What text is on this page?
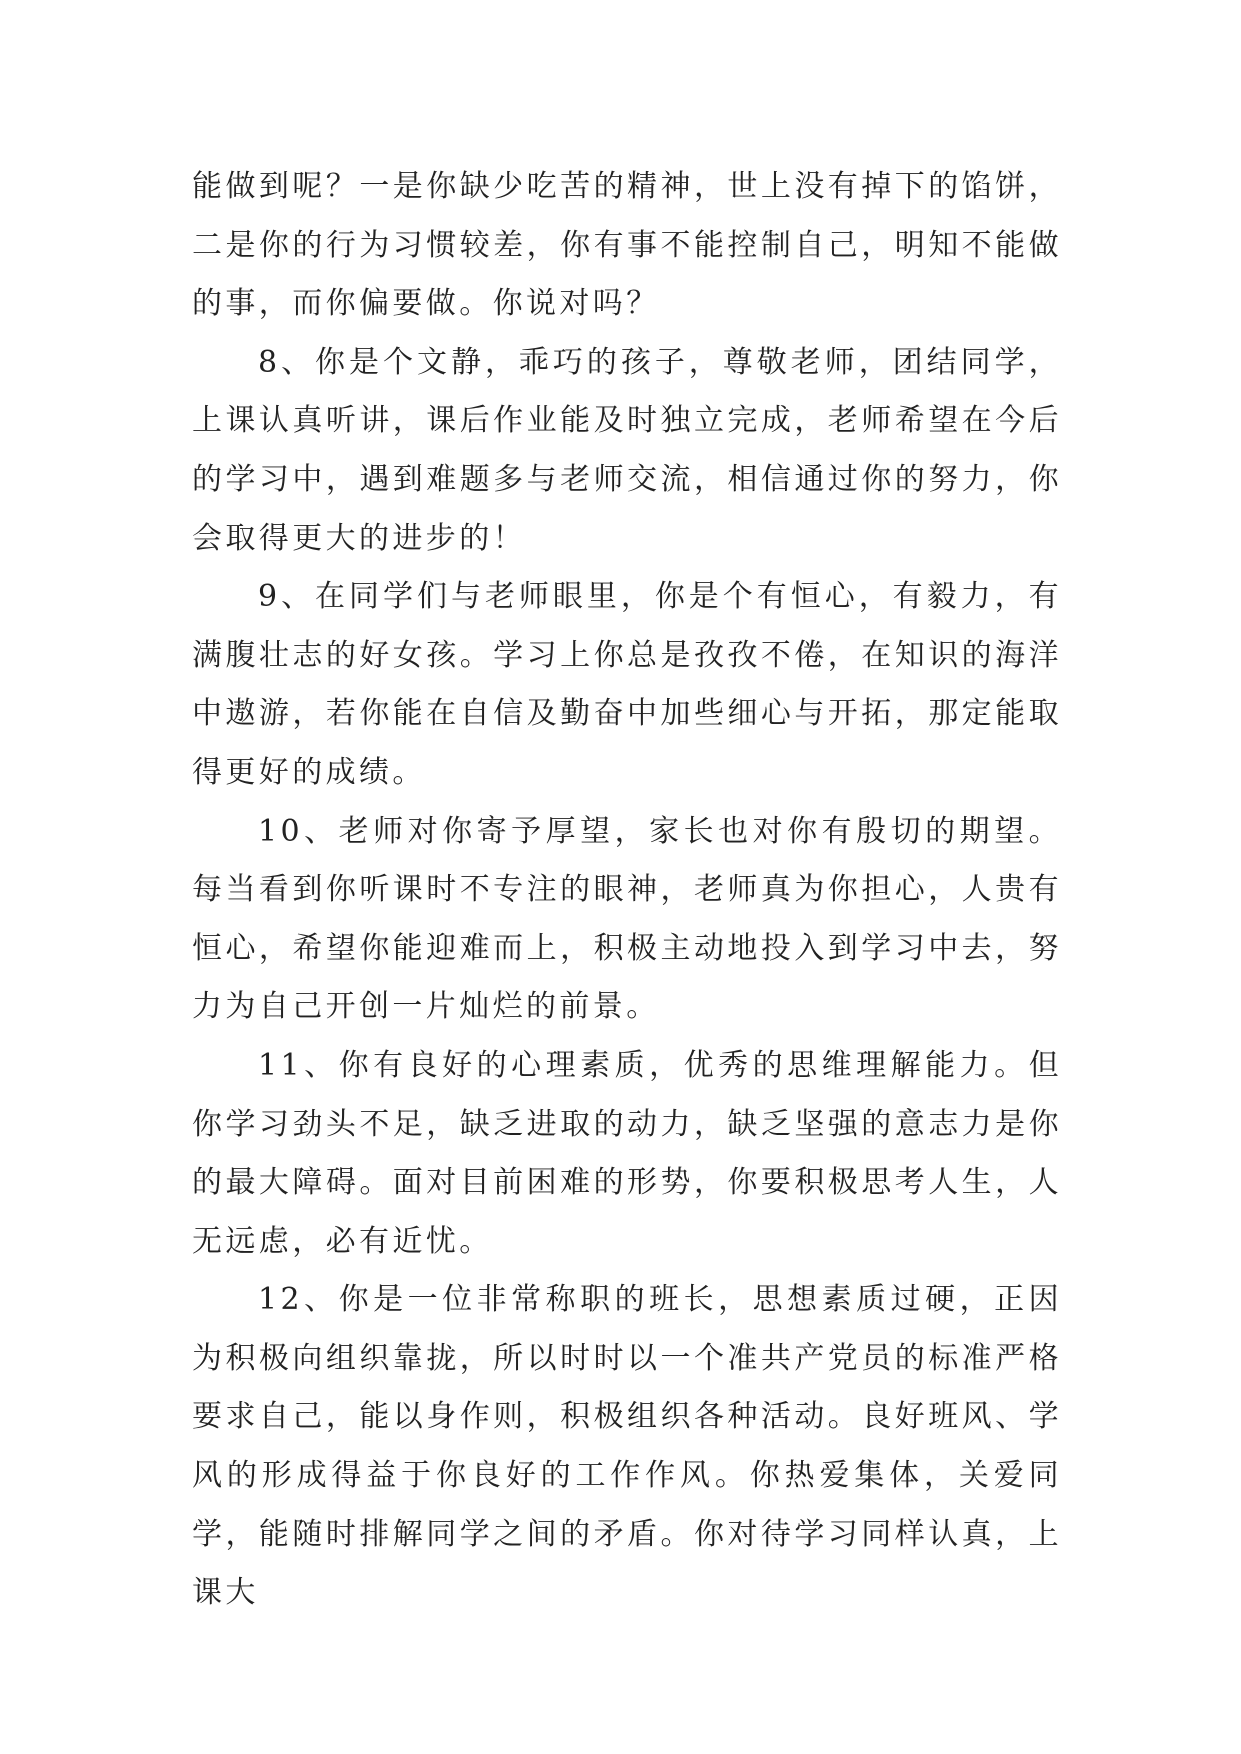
能做到呢？一是你缺少吃苦的精神，世上没有掉下的馅饼，二是你的行为习惯较差，你有事不能控制自己，明知不能做的事，而你偏要做。你说对吗？

8、你是个文静，乖巧的孩子，尊敬老师，团结同学，上课认真听讲，课后作业能及时独立完成，老师希望在今后的学习中，遇到难题多与老师交流，相信通过你的努力，你会取得更大的进步的！

9、在同学们与老师眼里，你是个有恒心，有毅力，有满腹壮志的好女孩。学习上你总是孜孜不倦，在知识的海洋中遨游，若你能在自信及勤奋中加些细心与开拓，那定能取得更好的成绩。

10、老师对你寄予厚望，家长也对你有殷切的期望。每当看到你听课时不专注的眼神，老师真为你担心，人贵有恒心，希望你能迎难而上，积极主动地投入到学习中去，努力为自己开创一片灿烂的前景。

11、你有良好的心理素质，优秀的思维理解能力。但你学习劲头不足，缺乏进取的动力，缺乏坚强的意志力是你的最大障碍。面对目前困难的形势，你要积极思考人生，人无远虑，必有近忧。

12、你是一位非常称职的班长，思想素质过硬，正因为积极向组织靠拢，所以时时以一个准共产党员的标准严格要求自己，能以身作则，积极组织各种活动。良好班风、学风的形成得益于你良好的工作作风。你热爱集体，关爱同学，能随时排解同学之间的矛盾。你对待学习同样认真，上课大
